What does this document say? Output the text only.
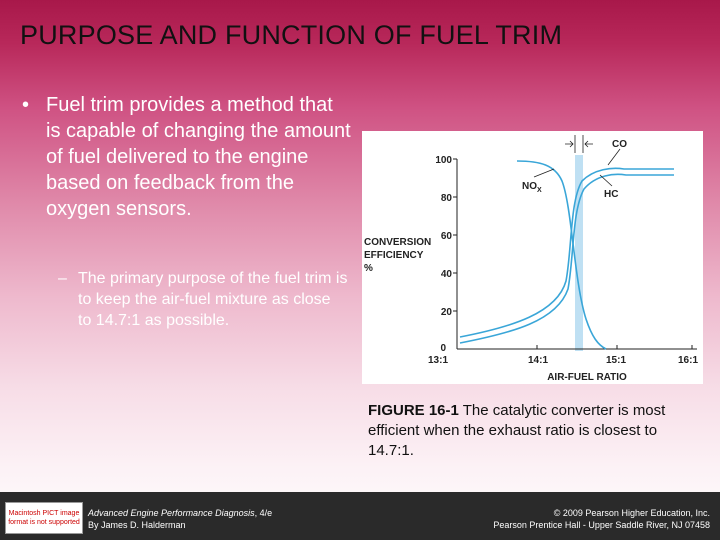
PURPOSE AND FUNCTION OF FUEL TRIM
• Fuel trim provides a method that is capable of changing the amount of fuel delivered to the engine based on feedback from the oxygen sensors.
– The primary purpose of the fuel trim is to keep the air-fuel mixture as close to 14.7:1 as possible.
100
80
60
40
20
0
CONVERSION
EFFICIENCY
%
13:1	14:1	15:1	16:1
AIR-FUEL RATIO
$NO_X$	HC
CO
FIGURE 16-1 The catalytic converter is most efficient when the exhaust ratio is closest to 14.7:1.
Macintosh PICT image format is not supported
Advanced Engine Performance Diagnosis, 4/e
By James D. Halderman
© 2009 Pearson Higher Education, Inc.
Pearson Prentice Hall - Upper Saddle River, NJ 07458
